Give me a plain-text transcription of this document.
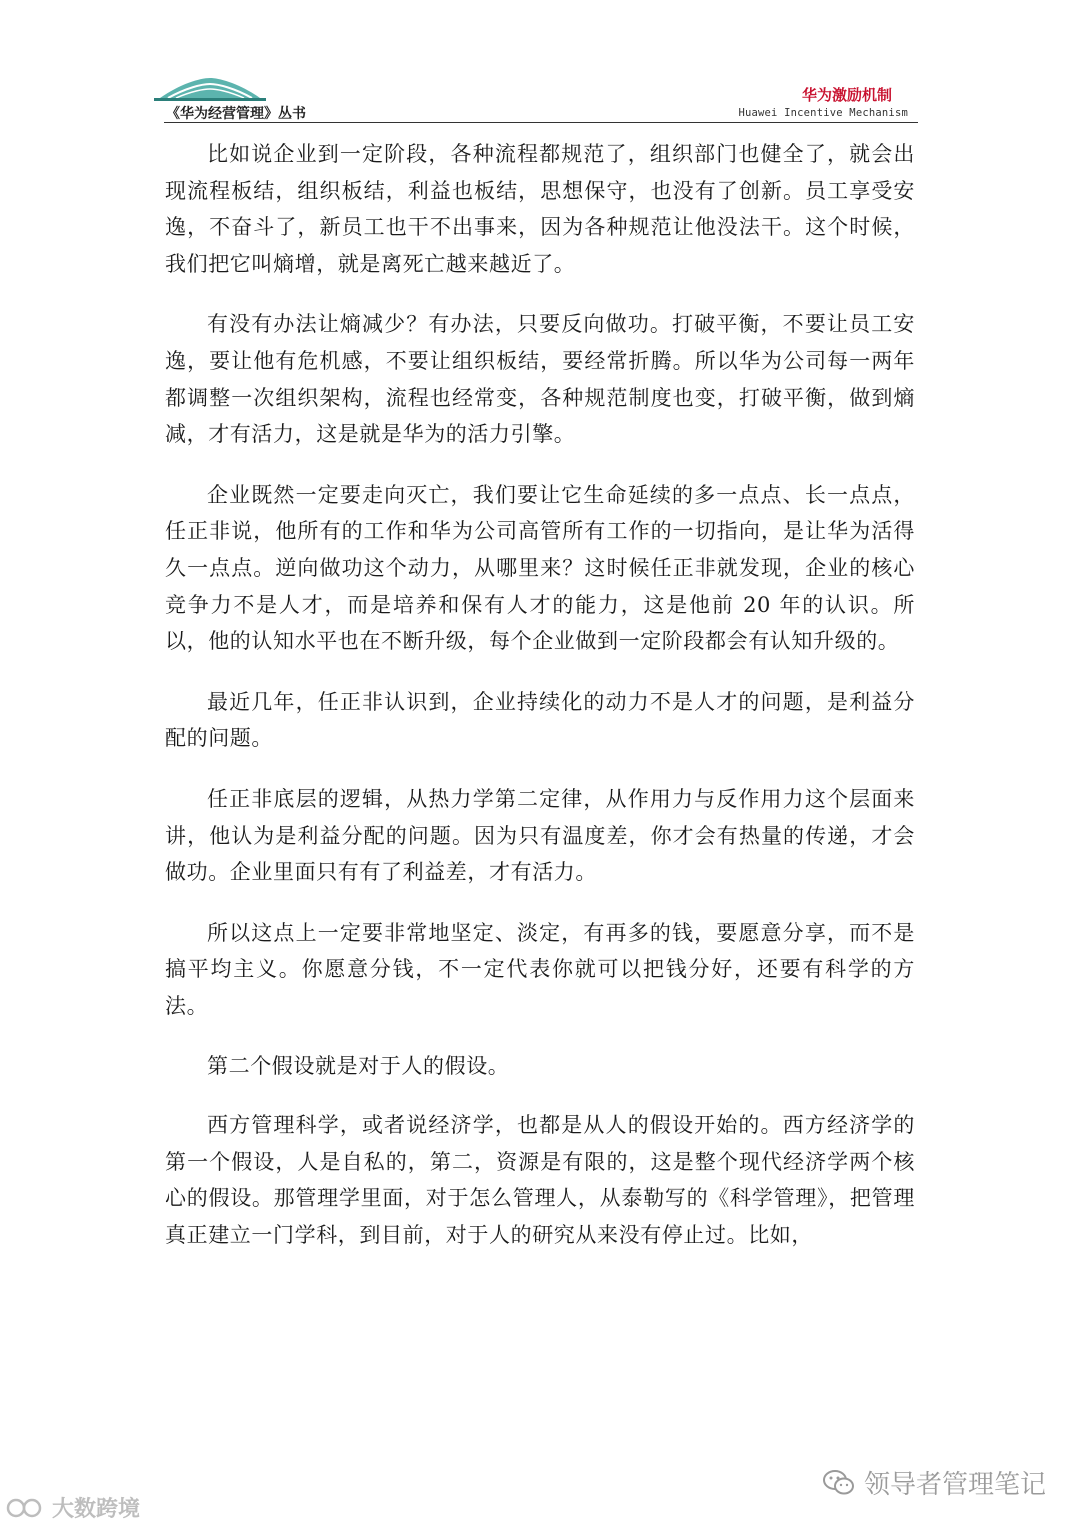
《华为经营管理》丛书
华为激励机制
Huawei Incentive Mechanism

比如说企业到一定阶段，各种流程都规范了，组织部门也健全了，就会出现流程板结，组织板结，利益也板结，思想保守，也没有了创新。员工享受安逸，不奋斗了，新员工也干不出事来，因为各种规范让他没法干。这个时候，我们把它叫熵增，就是离死亡越来越近了。

有没有办法让熵减少？有办法，只要反向做功。打破平衡，不要让员工安逸，要让他有危机感，不要让组织板结，要经常折腾。所以华为公司每一两年都调整一次组织架构，流程也经常变，各种规范制度也变，打破平衡，做到熵减，才有活力，这是就是华为的活力引擎。

企业既然一定要走向灭亡，我们要让它生命延续的多一点点、长一点点，任正非说，他所有的工作和华为公司高管所有工作的一切指向，是让华为活得久一点点。逆向做功这个动力，从哪里来？这时候任正非就发现，企业的核心竞争力不是人才，而是培养和保有人才的能力，这是他前 20 年的认识。所以，他的认知水平也在不断升级，每个企业做到一定阶段都会有认知升级的。

最近几年，任正非认识到，企业持续化的动力不是人才的问题，是利益分配的问题。

任正非底层的逻辑，从热力学第二定律，从作用力与反作用力这个层面来讲，他认为是利益分配的问题。因为只有温度差，你才会有热量的传递，才会做功。企业里面只有有了利益差，才有活力。

所以这点上一定要非常地坚定、淡定，有再多的钱，要愿意分享，而不是搞平均主义。你愿意分钱，不一定代表你就可以把钱分好，还要有科学的方法。

第二个假设就是对于人的假设。

西方管理科学，或者说经济学，也都是从人的假设开始的。西方经济学的第一个假设，人是自私的，第二，资源是有限的，这是整个现代经济学两个核心的假设。那管理学里面，对于怎么管理人，从泰勒写的《科学管理》，把管理真正建立一门学科，到目前，对于人的研究从来没有停止过。比如，

大数跨境
领导者管理笔记
